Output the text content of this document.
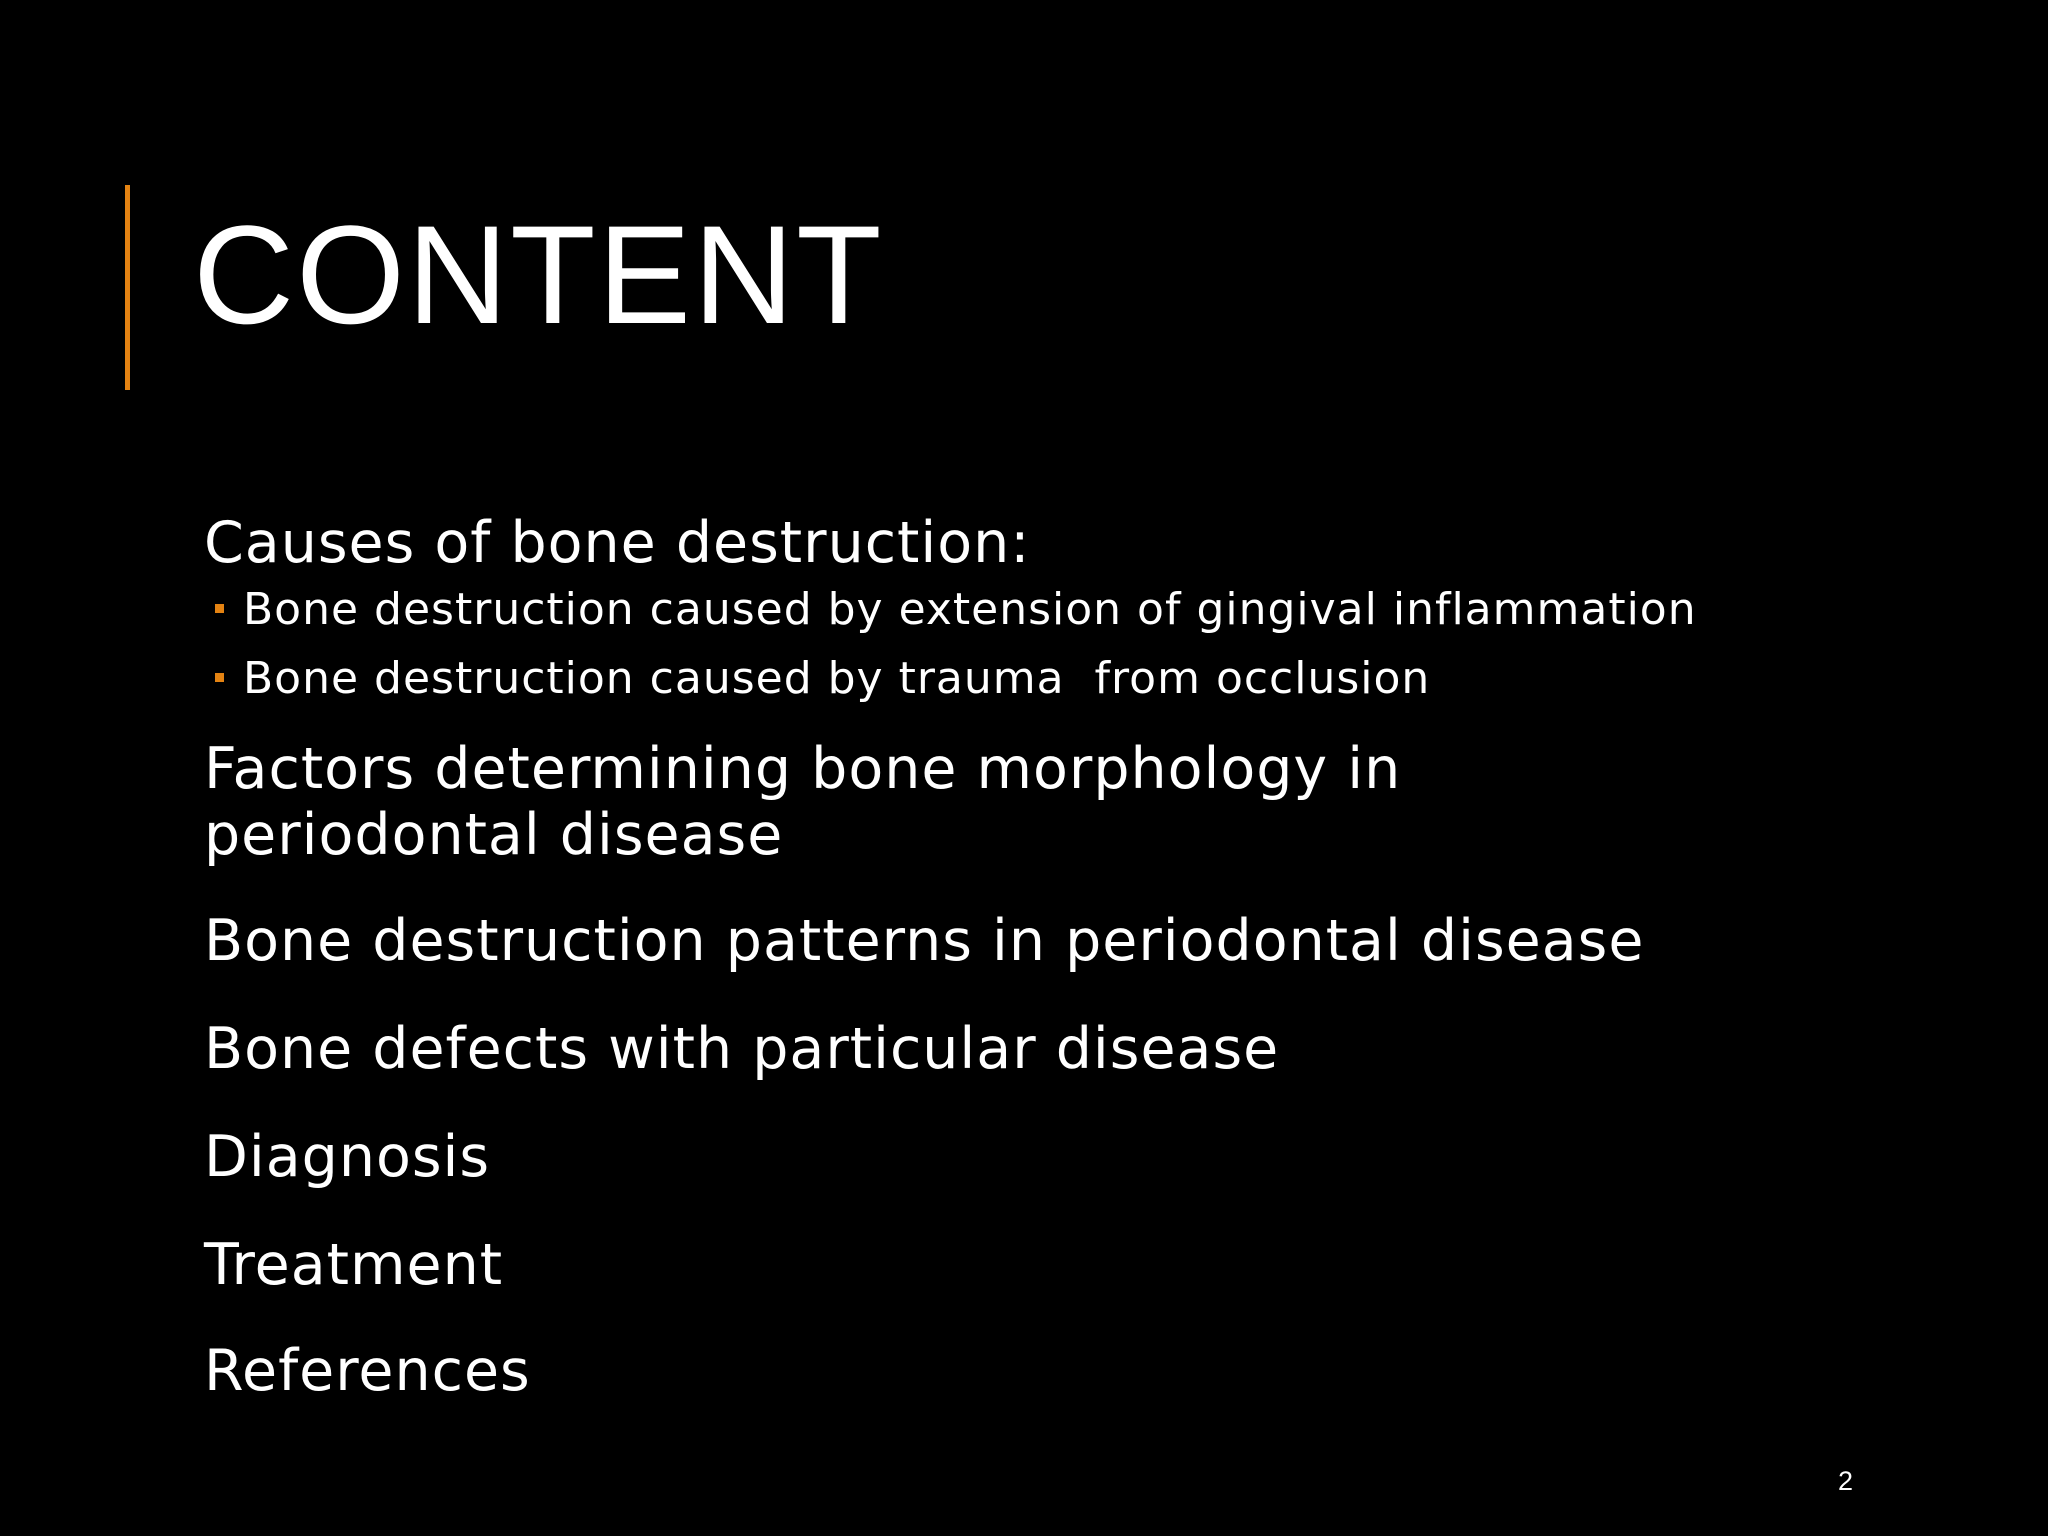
CONTENT
Causes of bone destruction:
Bone destruction caused by extension of gingival inflammation
Bone destruction caused by trauma  from occlusion
Factors determining bone morphology in periodontal disease
Bone destruction patterns in periodontal disease
Bone defects with particular disease
Diagnosis
Treatment
References
2
